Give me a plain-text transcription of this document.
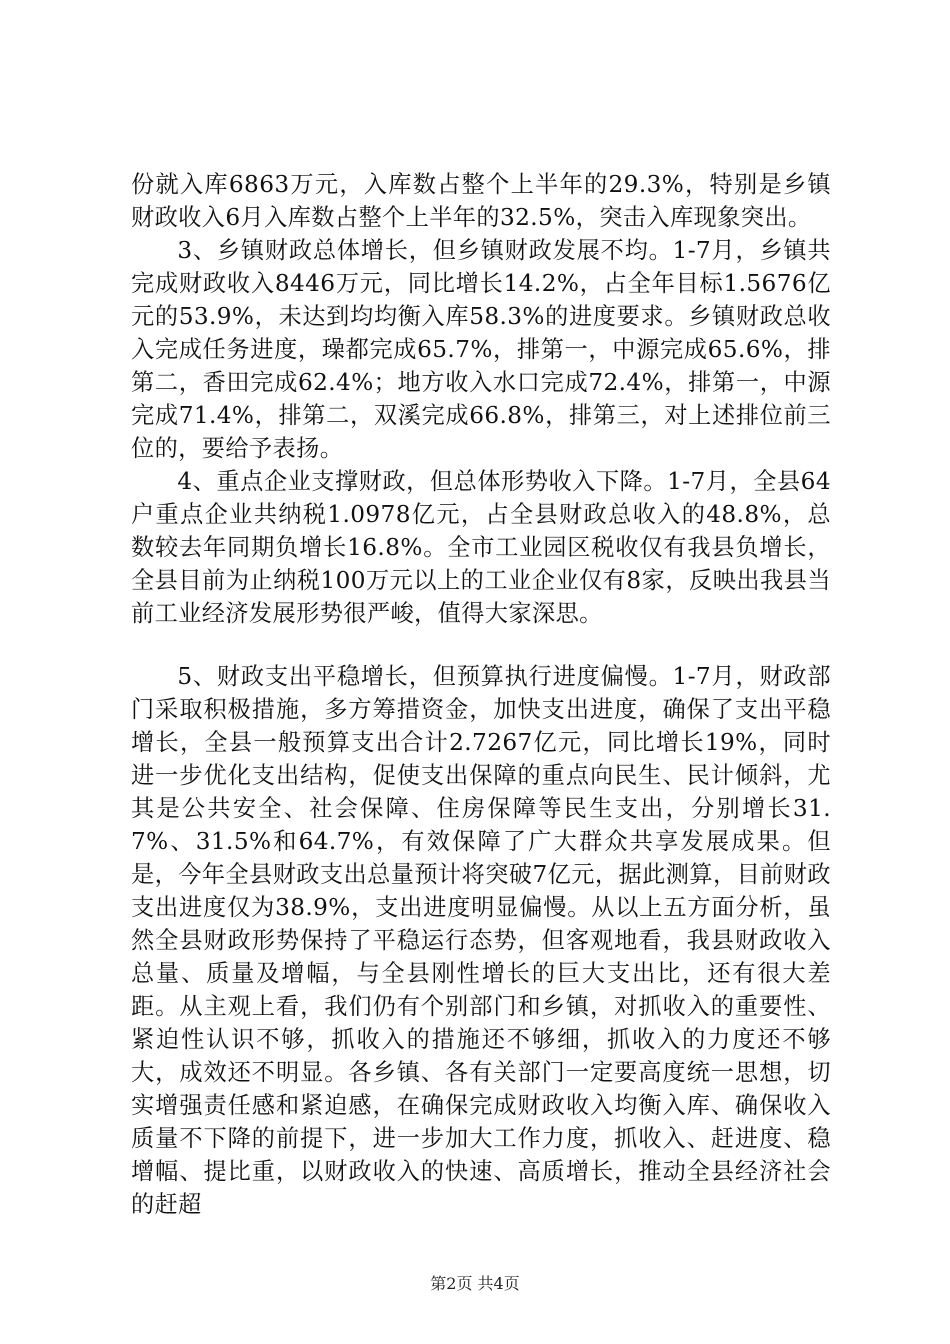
份就入库6863万元，入库数占整个上半年的29.3%，特别是乡镇财政收入6月入库数占整个上半年的32.5%，突击入库现象突出。

3、乡镇财政总体增长，但乡镇财政发展不均。1-7月，乡镇共完成财政收入8446万元，同比增长14.2%，占全年目标1.5676亿元的53.9%，未达到均均衡入库58.3%的进度要求。乡镇财政总收入完成任务进度，璪都完成65.7%，排第一，中源完成65.6%，排第二，香田完成62.4%；地方收入水口完成72.4%，排第一，中源完成71.4%，排第二，双溪完成66.8%，排第三，对上述排位前三位的，要给予表扬。

4、重点企业支撑财政，但总体形势收入下降。1-7月，全县64户重点企业共纳税1.0978亿元，占全县财政总收入的48.8%，总数较去年同期负增长16.8%。全市工业园区税收仅有我县负增长，全县目前为止纳税100万元以上的工业企业仅有8家，反映出我县当前工业经济发展形势很严峻，值得大家深思。

5、财政支出平稳增长，但预算执行进度偏慢。1-7月，财政部门采取积极措施，多方筹措资金，加快支出进度，确保了支出平稳增长，全县一般预算支出合计2.7267亿元，同比增长19%，同时进一步优化支出结构，促使支出保障的重点向民生、民计倾斜，尤其是公共安全、社会保障、住房保障等民生支出，分别增长31.7%、31.5%和64.7%，有效保障了广大群众共享发展成果。但是，今年全县财政支出总量预计将突破7亿元，据此测算，目前财政支出进度仅为38.9%，支出进度明显偏慢。从以上五方面分析，虽然全县财政形势保持了平稳运行态势，但客观地看，我县财政收入总量、质量及增幅，与全县刚性增长的巨大支出比，还有很大差距。从主观上看，我们仍有个别部门和乡镇，对抓收入的重要性、紧迫性认识不够，抓收入的措施还不够细，抓收入的力度还不够大，成效还不明显。各乡镇、各有关部门一定要高度统一思想，切实增强责任感和紧迫感，在确保完成财政收入均衡入库、确保收入质量不下降的前提下，进一步加大工作力度，抓收入、赶进度、稳增幅、提比重，以财政收入的快速、高质增长，推动全县经济社会的赶超

第2页 共4页
